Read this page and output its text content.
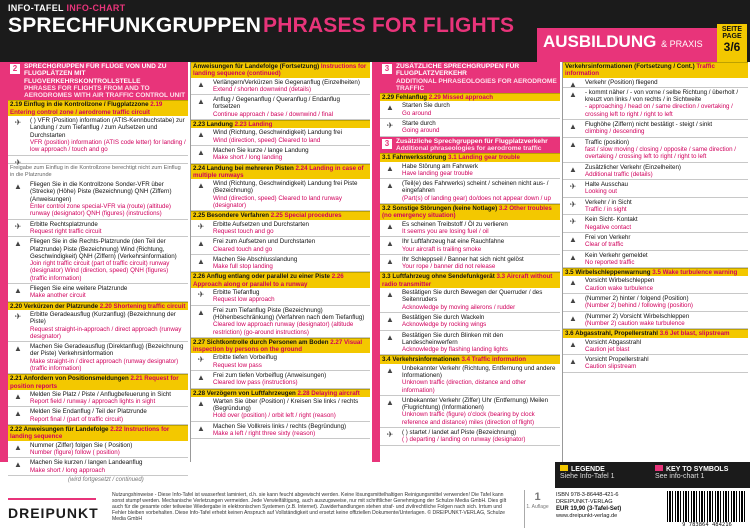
INFO-TAFEL INFO-CHART
SPRECHFUNKGRUPPEN PHRASES FOR FLIGHTS
AUSBILDUNG & PRAXIS
SEITE
PAGE
3/6
2	SPRECHGRUPPEN FÜR FLÜGE VON UND ZU FLUGPLÄTZEN MIT FLUGVERKEHRSKONTROLLSTELLE
PHRASES FOR FLIGHTS FROM AND TO AERODROMES WITH AIR TRAFFIC CONTROL UNIT
2.19 Einflug in die Kontrollzone / Flugplatzzone 2.19 Entering control zone / aerodrome traffic circuit
✈	( ) VFR (Position) information (ATIS-Kennbuchstabe) zur Landung / zum Tiefanflug / zum Aufsetzen und Durchstarten
VFR (position) information (ATIS code letter) for landing / low approach / touch and go
✈
Freigabe zum Einflug in die Kontrollzone berechtigt nicht zum Einflug in die Platzrunde
▲	Fliegen Sie in die Kontrollzone Sonder-VFR über (Strecke) (Höhe) Piste (Bezeichnung) QNH (Ziffern) (Anweisungen)
Enter control zone special-VFR via (route) (altitude) runway (designator) QNH (figures) (instructions)
✈	Erbitte Rechtsplatzrunde
Request right traffic circuit
▲	Fliegen Sie in die Rechts-Platzrunde (den Teil der Platzrunde) Piste (Bezeichnung) Wind (Richtung, Geschwindigkeit) QNH (Ziffern) (Verkehrsinformation)
Join right traffic circuit (part of traffic circuit) runway (designator) Wind (direction, speed) QNH (figures) (traffic information)
▲	Fliegen Sie eine weitere Platzrunde
Make another circuit
2.20 Verkürzen der Platzrunde 2.20 Shortening traffic circuit
✈	Erbitte Geradeausflug (Kurzanflug) (Bezeichnung der Piste)
Request straight-in-approach / direct approach (runway designator)
▲	Machen Sie Geradeausflug (Direktanflug) (Bezeichnung der Piste) Verkehrsinformation
Make straight-in / direct approach (runway designator) (traffic information)
2.21 Anfordern von Positionsmeldungen 2.21 Request for position reports
▲	Melden Sie Platz / Piste / Anflugbefeuerung in Sicht
Report field / runway / approach lights in sight
▲	Melden Sie Endanflug / Teil der Platzrunde
Report final / (part of traffic circuit)
2.22 Anweisungen für Landefolge 2.22 Instructions for landing sequence
▲	Nummer (Ziffer) folgen Sie ( Position)
Number (figure) follow ( position)
▲	Machen Sie kurzen / langen Landeanflug
Make short / long approach
(wird fortgesetzt / continued)
Anweisungen für Landefolge (Fortsetzung) Instructions for landing sequence (continued)
▲	Verlängern/Verkürzen Sie Gegenanflug (Einzelheiten)
Extend / shorten downwind (details)
▲	Anflug / Gegenanflug / Queranflug / Endanflug fortsetzen
Continue approach / base / downwind / final
2.23 Landung 2.23 Landing
▲	Wind (Richtung, Geschwindigkeit) Landung frei
Wind (direction, speed) Cleared to land
▲	Machen Sie kurze / lange Landung
Make short / long landing
2.24 Landung bei mehreren Pisten 2.24 Landing in case of multiple runways
▲	Wind (Richtung, Geschwindigkeit) Landung frei Piste (Bezeichnung)
Wind (direction, speed) Cleared to land runway (designator)
2.25 Besondere Verfahren 2.25 Special procedures
✈	Erbitte Aufsetzen und Durchstarten
Request touch and go
▲	Frei zum Aufsetzen und Durchstarten
Cleared touch and go
▲	Machen Sie Abschlusslandung
Make full stop landing
2.26 Anflug entlang oder parallel zu einer Piste 2.26 Approach along or parallel to a runway
✈	Erbitte Tiefanflug
Request low approach
▲	Frei zum Tiefanflug Piste (Bezeichnung) (Höhenbeschränkung) (Verfahren nach dem Tiefanflug)
Cleared low approach runway (designator) (altitude restriction) (go-around instructions)
2.27 Sichtkontrolle durch Personen am Boden 2.27 Visual inspection by persons on the ground
✈	Erbitte tiefen Vorbeiflug
Request low pass
▲	Frei zum tiefen Vorbeiflug (Anweisungen)
Cleared low pass (instructions)
2.28 Verzögern von Luftfahrzeugen 2.28 Delaying aircraft
▲	Warten Sie über (Position) / Kreisen Sie links / rechts (Begründung)
Hold over (position) / orbit left / right (reason)
▲	Machen Sie Vollkreis links / rechts (Begründung)
Make a left / right three sixty (reason)
3	ZUSÄTZLICHE SPRECHGRUPPEN FÜR FLUGPLATZVERKEHR
ADDITIONAL PHRASEOLOGIES FOR AERODROME TRAFFIC
2.29 Fehlanflug 2.29 Missed approach
▲	Starten Sie durch
Go around
✈	Starte durch
Going around
3	Zusätzliche Sprechgruppen für Flugplatzverkehr
Additional phraseologies for aerodrome traffic
3.1 Fahrwerksstörung 3.1 Landing gear trouble
▲	Habe Störung am Fahrwerk
Have landing gear trouble
▲	(Teil(e) des Fahrwerks) scheint / scheinen nicht aus- / eingefahren
(Part(s) of landing gear) do/does not appear down / up
3.2 Sonstige Störungen (keine Notlage) 3.2 Other troubles (no emergency situation)
▲	Es scheinen Treibstoff / Öl zu verlieren
It seems you are losing fuel / oil
▲	Ihr Luftfahrzeug hat eine Rauchfahne
Your aircraft is trailing smoke
▲	Ihr Schleppseil / Banner hat sich nicht gelöst
Your rope / banner did not release
3.3 Luftfahrzeug ohne Sendefunkgerät 3.3 Aircraft without radio transmitter
▲	Bestätigen Sie durch Bewegen der Querruder / des Seitenruders
Acknowledge by moving ailerons / rudder
▲	Bestätigen Sie durch Wackeln
Acknowledge by rocking wings
▲	Bestätigen Sie durch Blinken mit den Landescheinwerfern
Acknowledge by flashing landing lights
3.4 Verkehrsinformationen 3.4 Traffic information
▲	Unbekannter Verkehr (Richtung, Entfernung und andere Informationen)
Unknown traffic (direction, distance and other information)
▲	Unbekannter Verkehr (Ziffer) Uhr (Entfernung) Meilen (Flugrichtung) (Informationen)
Unknown traffic (figure) o'clock (bearing by clock reference and distance) miles (direction of flight)
✈	( ) startet / landet auf Piste (Bezeichnung)
( ) departing / landing on runway (designator)
Verkehrsinformationen (Fortsetzung / Cont.) Traffic information
▲	Verkehr (Position) fliegend
▲	- kommt näher / - von vorne / selbe Richtung / überholt / kreuzt von links / von rechts / in Sichtweite
- approaching / head on / same direction / overtaking / crossing left to right / right to left
▲	Flughöhe (Ziffern) nicht bestätigt - steigt / sinkt
climbing / descending
▲	Traffic (position)
fast / slow moving / closing / opposite / same direction / overtaking / crossing left to right / right to left
▲	Zusätzlicher Verkehr (Einzelheiten)
Additional traffic (details)
✈	Halte Ausschau
Looking out
✈	Verkehr / in Sicht
Traffic / in sight
✈	Kein Sicht- Kontakt
Negative contact
▲	Frei von Verkehr
Clear of traffic
▲	Kein Verkehr gemeldet
No reported traffic
3.5 Wirbelschleppenwarnung 3.5 Wake turbulence warning
▲	Vorsicht Wirbelschleppen
Caution wake turbulence
▲	(Nummer 2) hinter / folgend (Position)
(Number 2) behind / following (position)
▲	(Nummer 2) Vorsicht Wirbelschleppen
(Number 2) caution wake turbulence
3.6 Abgasstrahl, Propellerstrahl 3.6 Jet blast, slipstream
▲	Vorsicht Abgasstrahl
Caution jet blast
▲	Vorsicht Propellerstrahl
Caution slipstream
LEGENDE
Siehe Info-Tafel 1
KEY TO SYMBOLS
See info-chart 1
DREIPUNKT
Nutzungshinweise - Diese Info-Tafel ist wasserfest laminiert, d.h. sie kann feucht abgewischt werden. Keine lösungsmittelhaltigen Reinigungsmittel verwenden! Die Tafel kann sonst stumpf werden. Mechanische Verletzungen vermeiden. Jede Verwielfältigung, auch auszugsweise, nur mit schriftlicher Genehmigung der Schulze Media GmbH. Dies gilt auch für die gesamte oder teilweise Wiedergabe in elektronischen Systemen (z.B. Internet). Zuwiderhandlungen stehen straf- und zivilrechtliche Folgen nach sich. Irrtum und Fehler bleiben vorbehalten. Diese Info-Tafel erhebt keinen Anspruch auf Vollständigkeit und ersetzt keine offiziellen Dokumente/Unterlagen. © DREIPUNKT-VERLAG, Schulze Media GmbH
1
1. Auflage
ISBN 978-3-86448-421-6
DREIPUNKT-VERLAG
EUR 19,90 (3-Tafel-Set)
www.dreipunkt-verlag.de
9 783864 484216
